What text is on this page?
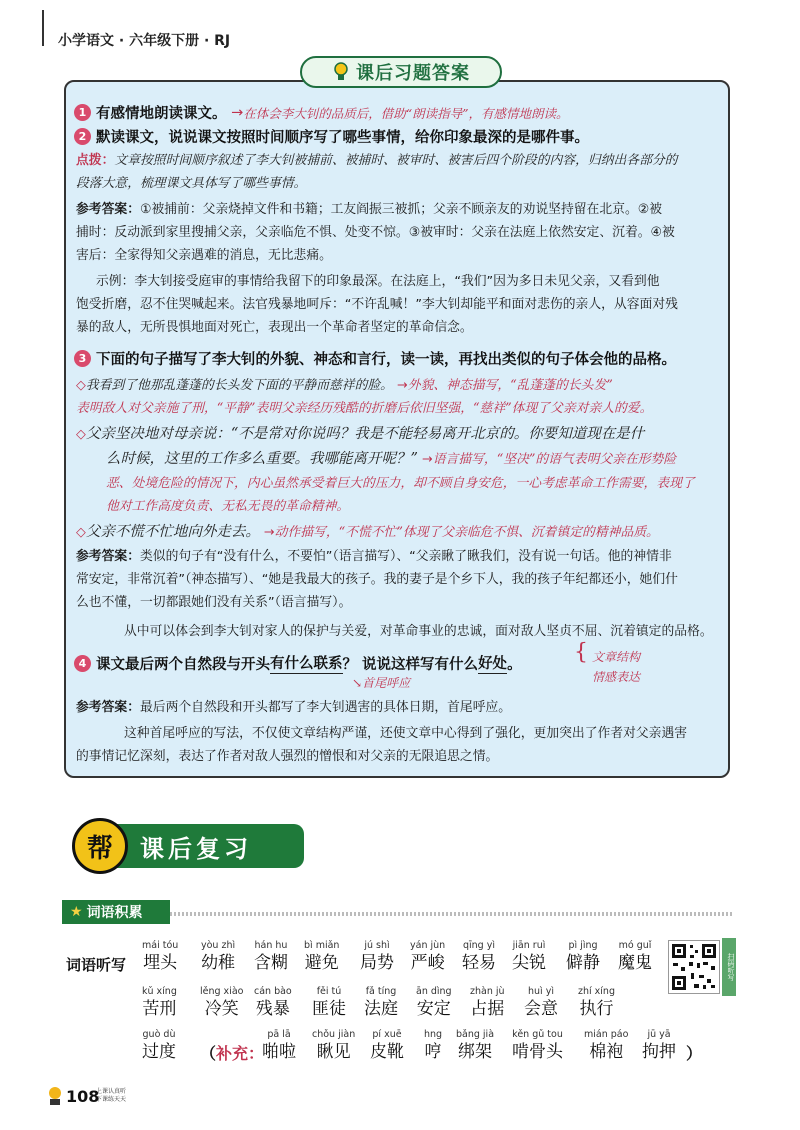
小学语文 · 六年级下册 · RJ
课后习题答案
1 有感情地朗读课文。 → 在体会李大钊的品质后，借助“朗读指导”，有感情地朗读。
2 默读课文，说说课文按照时间顺序写了哪些事情，给你印象最深的是哪件事。
点拨：文章按照时间顺序叙述了李大钊被捕前、被捕时、被审时、被害后四个阶段的内容，归纳出各部分的
段落大意，梳理课文具体写了哪些事情。
参考答案：①被捕前：父亲烧掉文件和书籍；工友阎振三被抓；父亲不顾亲友的劝说坚持留在北京。②被
捕时：反动派到家里搜捕父亲，父亲临危不惧、处变不惊。③被审时：父亲在法庭上依然安定、沉着。④被
害后：全家得知父亲遇难的消息，无比悲痛。
示例：李大钊接受庭审的事情给我留下的印象最深。在法庭上，“我们”因为多日未见父亲，又看到他
饱受折磨，忍不住哭喊起来。法官残暴地呵斥：“不许乱喊！”李大钊却能平和面对悲伤的亲人，从容面对残
暴的敌人，无所畏惧地面对死亡，表现出一个革命者坚定的革命信念。
3 下面的句子描写了李大钊的外貌、神态和言行，读一读，再找出类似的句子体会他的品格。
◇我看到了他那乱蓬蓬的长头发下面的平静而慈祥的脸。 →外貌、神态描写，“乱蓬蓬的长头发”
表明敌人对父亲施了刑，“平静”表明父亲经历残酷的折磨后依旧坚强，“慈祥”体现了父亲对亲人的爱。
◇父亲坚决地对母亲说：“不是常对你说吗？我是不能轻易离开北京的。你要知道现在是什
么时候，这里的工作多么重要。我哪能离开呢？” →语言描写，“坚决”的语气表明父亲在形势险
恶、处境危险的情况下，内心虽然承受着巨大的压力，却不顾自身安危，一心考虑革命工作需要，表现了
他对工作高度负责、无私无畏的革命精神。
◇父亲不慌不忙地向外走去。 →动作描写，“不慌不忙”体现了父亲临危不惧、沉着镇定的精神品质。
参考答案：类似的句子有“没有什么，不要怕”（语言描写）、“父亲瞅了瞅我们，没有说一句话。他的神情非
常安定，非常沉着”（神态描写）、“她是我最大的孩子。我的妻子是个乡下人，我的孩子年纪都还小，她们什
么也不懂，一切都跟她们没有关系”（语言描写）。
从中可以体会到李大钊对家人的保护与关爱，对革命事业的忠诚，面对敌人坚贞不屈、沉着镇定的品格。
4 课文最后两个自然段与开头 有什么联系 ？ 说说这样写有什么 好处 。
↘首尾呼应
{ 文章结构
情感表达
参考答案：最后两个自然段和开头都写了李大钊遇害的具体日期，首尾呼应。
这种首尾呼应的写法，不仅使文章结构严谨，还使文章中心得到了强化，更加突出了作者对父亲遇害
的事情记忆深刻，表达了作者对敌人强烈的憎恨和对父亲的无限追思之情。
帮	课后复习
★ 词语积累
词语听写
mái tóu
埋头
yòu zhì
幼稚
hán hu
含糊
bì miǎn
避免
jú shì
局势
yán jùn
严峻
qīng yì
轻易
jiān ruì
尖锐
pì jìng
僻静
mó guǐ
魔鬼
kǔ xíng
苦刑
lěng xiào
冷笑
cán bào
残暴
fěi tú
匪徒
fǎ tíng
法庭
ān dìng
安定
zhàn jù
占据
huì yì
会意
zhí xíng
执行
guò dù
过度 （补充：
pā lā
啪啦
chǒu jiàn
瞅见
pí xuē
皮靴
hng
哼
bǎng jià
绑架
kěn gǔ tou
啃骨头
mián páo
棉袍
jū yā
拘押 ）
扫码听写
108
上课认真听
下课练天天
